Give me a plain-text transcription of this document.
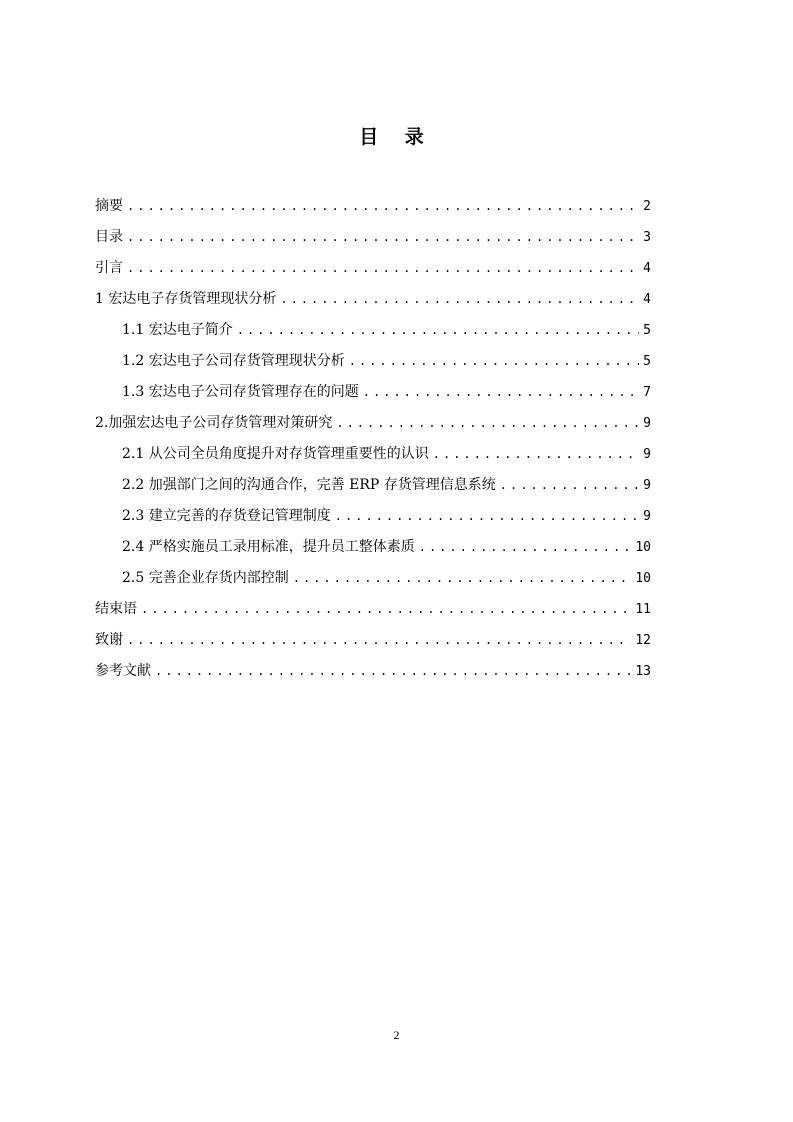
目 录
摘要 .....	2
目录 .....	3
引言 .....	4
1 宏达电子存货管理现状分析 .....	4
1.1 宏达电子简介 .....	5
1.2 宏达电子公司存货管理现状分析 .....	5
1.3 宏达电子公司存货管理存在的问题 .....	7
2.加强宏达电子公司存货管理对策研究 .....	9
2.1 从公司全员角度提升对存货管理重要性的认识 .....	9
2.2 加强部门之间的沟通合作，完善 ERP 存货管理信息系统 .....	9
2.3 建立完善的存货登记管理制度 .....	9
2.4 严格实施员工录用标准，提升员工整体素质 .....	10
2.5 完善企业存货内部控制 .....	10
结束语 .....	11
致谢 .....	12
参考文献 .....	13
2
